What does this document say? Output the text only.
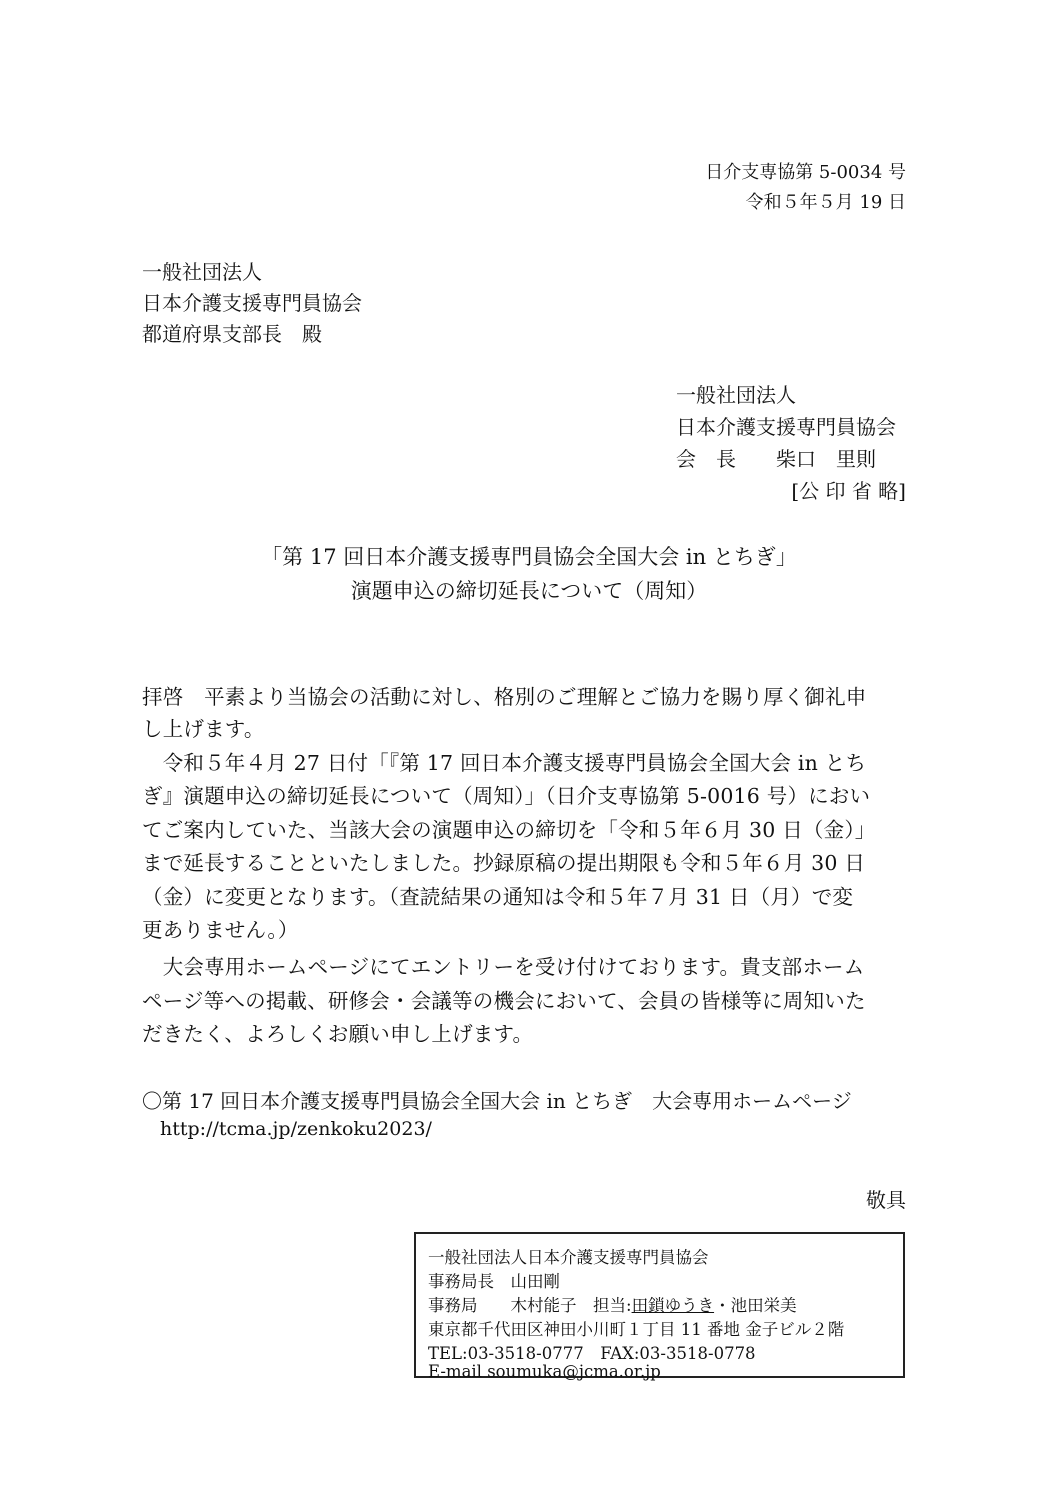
日介支専協第 5-0034 号
令和５年５月 19 日
一般社団法人
日本介護支援専門員協会
都道府県支部長　殿
一般社団法人
日本介護支援専門員協会
会　長 柴口　里則
[公 印 省 略]
「第 17 回日本介護支援専門員協会全国大会 in とちぎ」
演題申込の締切延長について（周知）
拝啓　平素より当協会の活動に対し、格別のご理解とご協力を賜り厚く御礼申
し上げます。
　令和５年４月 27 日付「『第 17 回日本介護支援専門員協会全国大会 in とち
ぎ』演題申込の締切延長について（周知）」（日介支専協第 5-0016 号）におい
てご案内していた、当該大会の演題申込の締切を「令和５年６月 30 日（金）」
まで延長することといたしました。抄録原稿の提出期限も令和５年６月 30 日
（金）に変更となります。（査読結果の通知は令和５年７月 31 日（月）で変
更ありません。）
　大会専用ホームページにてエントリーを受け付けております。貴支部ホーム
ページ等への掲載、研修会・会議等の機会において、会員の皆様等に周知いた
だきたく、よろしくお願い申し上げます。
〇第 17 回日本介護支援専門員協会全国大会 in とちぎ　大会専用ホームページ
http://tcma.jp/zenkoku2023/
敬具
一般社団法人日本介護支援専門員協会
事務局長　山田剛
事務局　　木村能子　担当:田鎖ゆうき・池田栄美
東京都千代田区神田小川町１丁目 11 番地 金子ビル２階
TEL:03-3518-0777　FAX:03-3518-0778
E-mail soumuka@jcma.or.jp
